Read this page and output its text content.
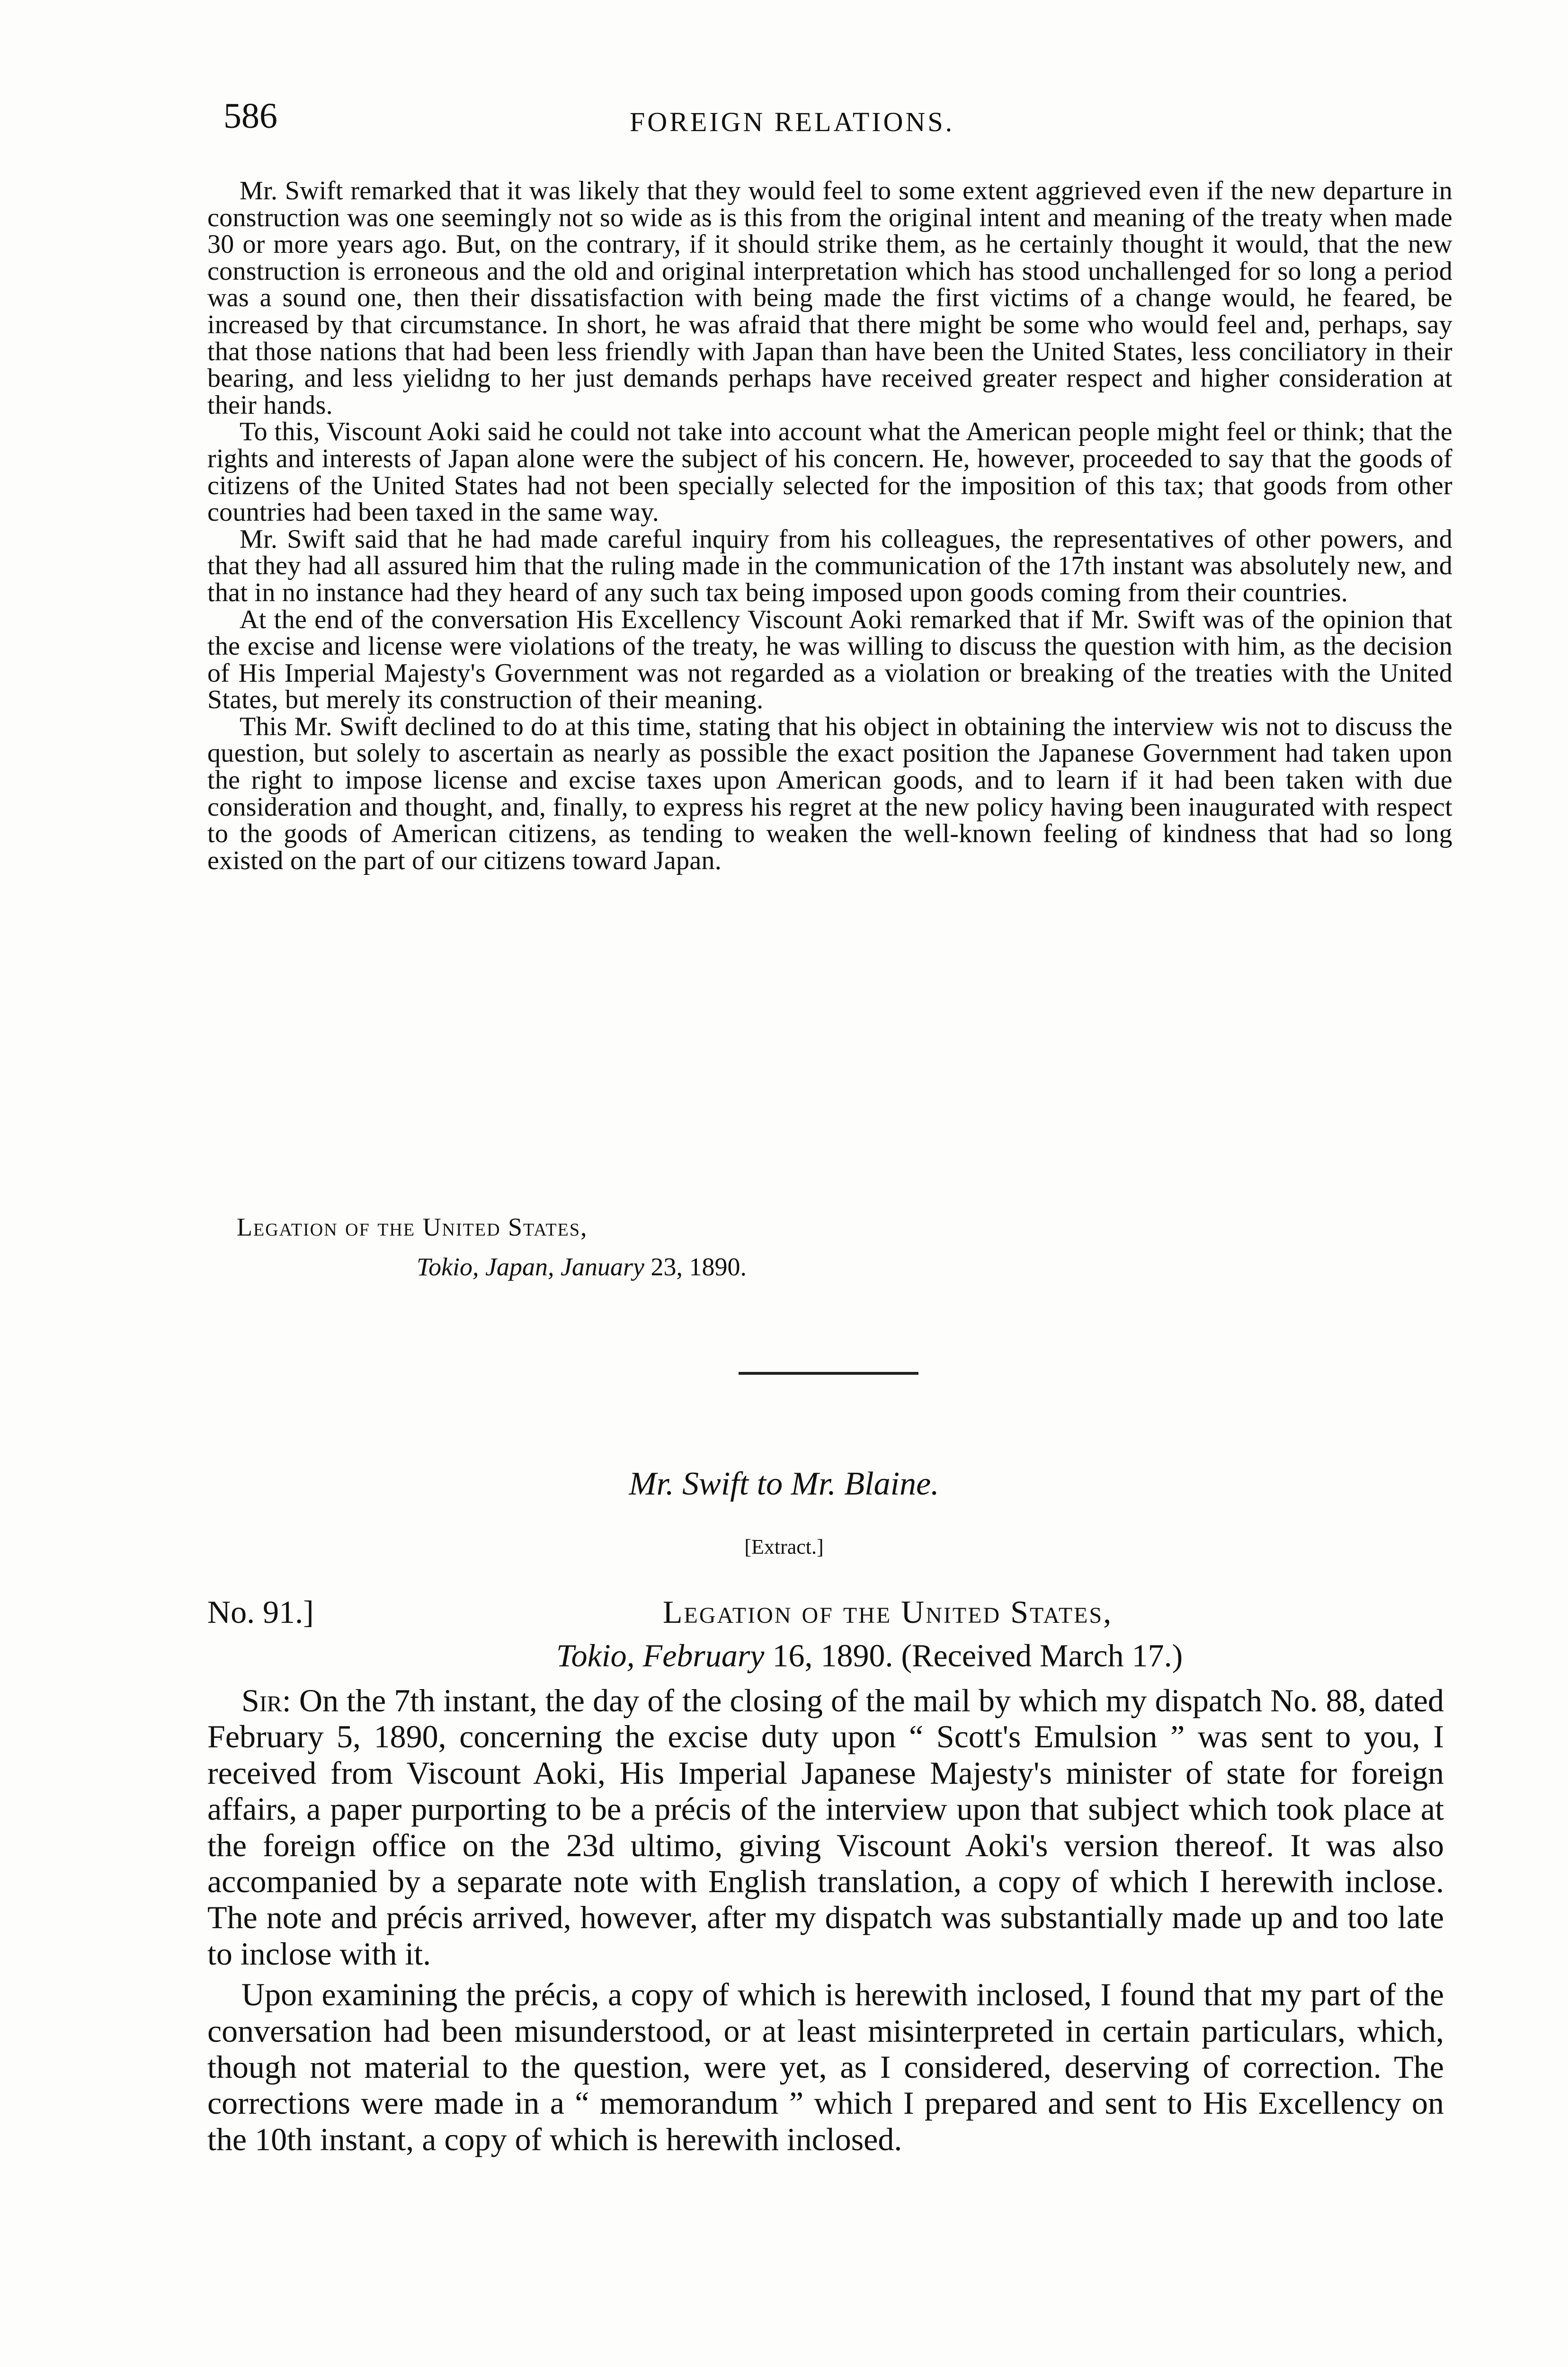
586	FOREIGN RELATIONS.

Mr. Swift remarked that it was likely that they would feel to some extent aggrieved even if the new departure in construction was one seemingly not so wide as is this from the original intent and meaning of the treaty when made 30 or more years ago. But, on the contrary, if it should strike them, as he certainly thought it would, that the new construction is erroneous and the old and original interpretation which has stood unchallenged for so long a period was a sound one, then their dissatisfaction with being made the first victims of a change would, he feared, be increased by that circumstance. In short, he was afraid that there might be some who would feel and, perhaps, say that those nations that had been less friendly with Japan than have been the United States, less conciliatory in their bearing, and less yielidng to her just demands perhaps have received greater respect and higher consideration at their hands.

To this, Viscount Aoki said he could not take into account what the American people might feel or think; that the rights and interests of Japan alone were the subject of his concern. He, however, proceeded to say that the goods of citizens of the United States had not been specially selected for the imposition of this tax; that goods from other countries had been taxed in the same way.

Mr. Swift said that he had made careful inquiry from his colleagues, the representatives of other powers, and that they had all assured him that the ruling made in the communication of the 17th instant was absolutely new, and that in no instance had they heard of any such tax being imposed upon goods coming from their countries.

At the end of the conversation His Excellency Viscount Aoki remarked that if Mr. Swift was of the opinion that the excise and license were violations of the treaty, he was willing to discuss the question with him, as the decision of His Imperial Majesty's Government was not regarded as a violation or breaking of the treaties with the United States, but merely its construction of their meaning.

This Mr. Swift declined to do at this time, stating that his object in obtaining the interview wis not to discuss the question, but solely to ascertain as nearly as possible the exact position the Japanese Government had taken upon the right to impose license and excise taxes upon American goods, and to learn if it had been taken with due consideration and thought, and, finally, to express his regret at the new policy having been inaugurated with respect to the goods of American citizens, as tending to weaken the well-known feeling of kindness that had so long existed on the part of our citizens toward Japan.

Legation of the United States,
Tokio, Japan, January 23, 1890.
Mr. Swift to Mr. Blaine.
[Extract.]
No. 91.]	Legation of the United States,
Tokio, February 16, 1890. (Received March 17.)

Sir: On the 7th instant, the day of the closing of the mail by which my dispatch No. 88, dated February 5, 1890, concerning the excise duty upon “ Scott's Emulsion ” was sent to you, I received from Viscount Aoki, His Imperial Japanese Majesty's minister of state for foreign affairs, a paper purporting to be a précis of the interview upon that subject which took place at the foreign office on the 23d ultimo, giving Viscount Aoki's version thereof. It was also accompanied by a separate note with English translation, a copy of which I herewith inclose. The note and précis arrived, however, after my dispatch was substantially made up and too late to inclose with it.

Upon examining the précis, a copy of which is herewith inclosed, I found that my part of the conversation had been misunderstood, or at least misinterpreted in certain particulars, which, though not material to the question, were yet, as I considered, deserving of correction. The corrections were made in a “ memorandum ” which I prepared and sent to His Excellency on the 10th instant, a copy of which is herewith inclosed.
